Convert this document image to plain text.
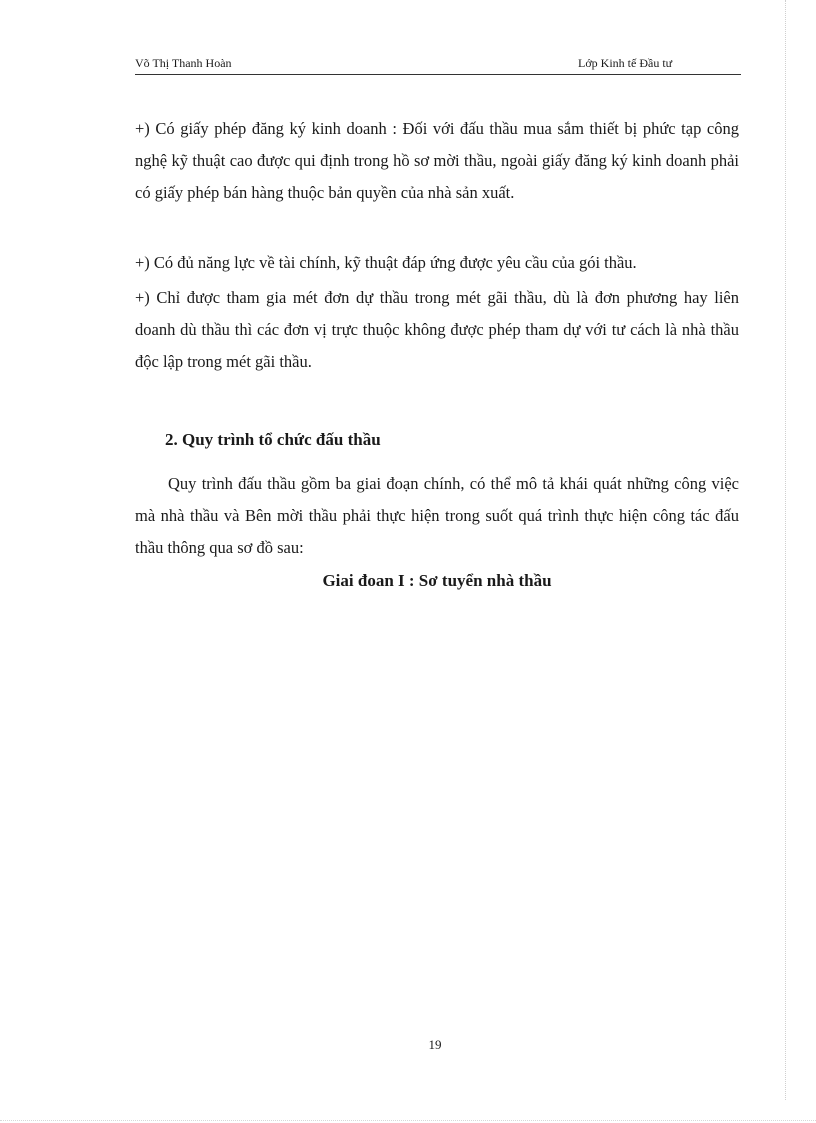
Võ Thị Thanh Hoàn	Lớp Kinh tế Đầu tư

+) Có giấy phép đăng ký kinh doanh : Đối với đấu thầu mua sắm thiết bị phức tạp công nghệ kỹ thuật cao được qui định trong hồ sơ mời thầu, ngoài giấy đăng ký kinh doanh phải có giấy phép bán hàng thuộc bản quyền của nhà sản xuất.

+) Có đủ năng lực về tài chính, kỹ thuật đáp ứng được yêu cầu của gói thầu.

+) Chỉ được tham gia mét đơn dự thầu trong mét gãi thầu, dù là đơn phương hay liên doanh dù thầu thì các đơn vị trực thuộc không được phép tham dự với tư cách là nhà thầu độc lập trong mét gãi thầu.

2. Quy trình tổ chức đấu thầu

Quy trình đấu thầu gồm ba giai đoạn chính, có thể mô tả khái quát những công việc mà nhà thầu và Bên mời thầu phải thực hiện trong suốt quá trình thực hiện công tác đấu thầu thông qua sơ đồ sau:

Giai đoan I : Sơ tuyển nhà thầu
19
